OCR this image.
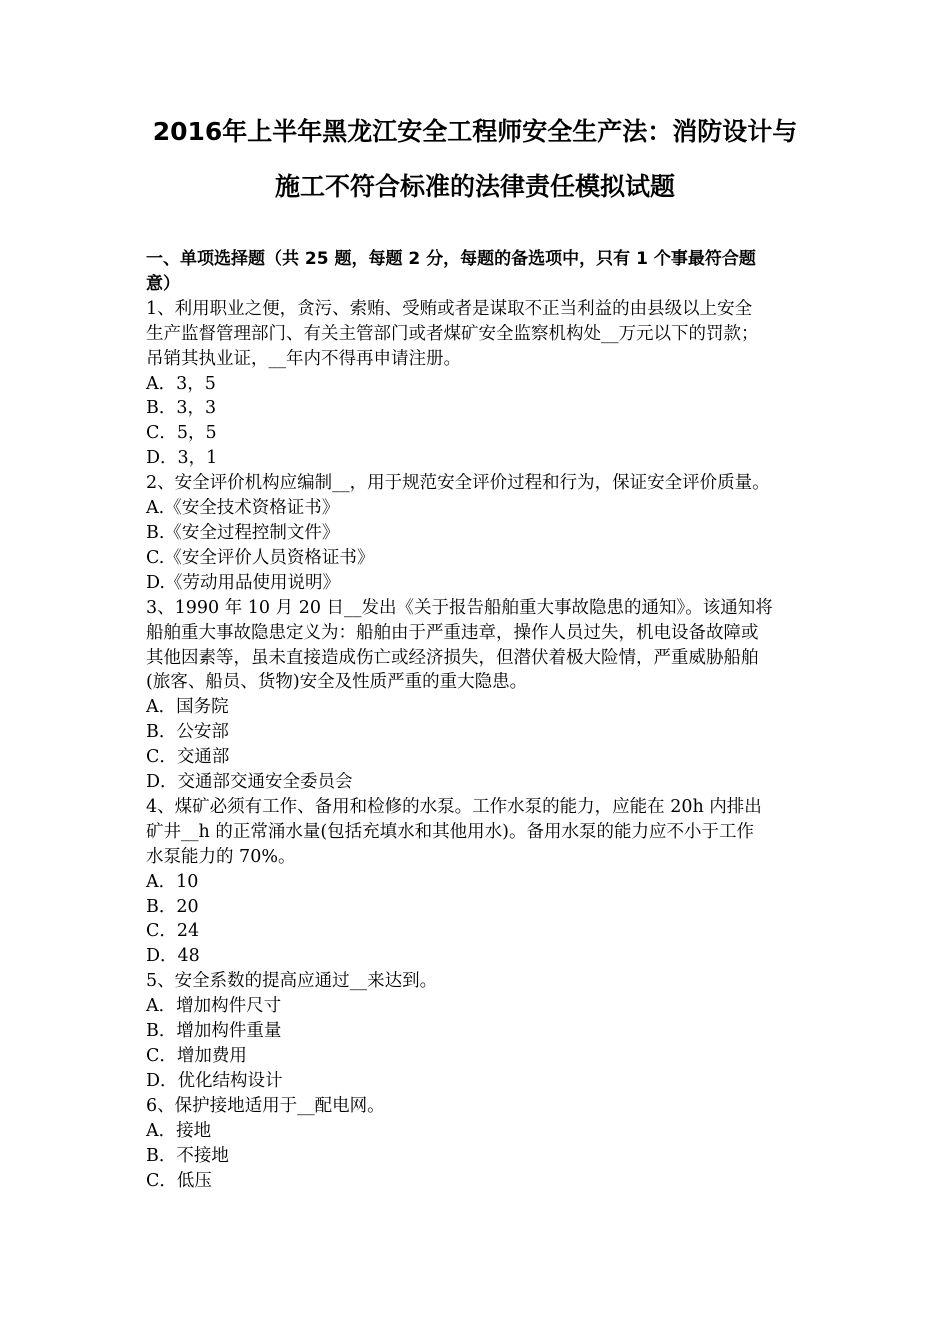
2016年上半年黑龙江安全工程师安全生产法：消防设计与
施工不符合标准的法律责任模拟试题
一、单项选择题（共 25 题，每题 2 分，每题的备选项中，只有 1 个事最符合题
意）
1、利用职业之便，贪污、索贿、受贿或者是谋取不正当利益的由县级以上安全
生产监督管理部门、有关主管部门或者煤矿安全监察机构处__万元以下的罚款；
吊销其执业证，__年内不得再申请注册。
A．3，5
B．3，3
C．5，5
D．3，1
2、安全评价机构应编制__，用于规范安全评价过程和行为，保证安全评价质量。
A.《安全技术资格证书》
B.《安全过程控制文件》
C.《安全评价人员资格证书》
D.《劳动用品使用说明》
3、1990 年 10 月 20 日__发出《关于报告船舶重大事故隐患的通知》。该通知将
船舶重大事故隐患定义为：船舶由于严重违章，操作人员过失，机电设备故障或
其他因素等，虽未直接造成伤亡或经济损失，但潜伏着极大险情，严重威胁船舶
(旅客、船员、货物)安全及性质严重的重大隐患。
A．国务院
B．公安部
C．交通部
D．交通部交通安全委员会
4、煤矿必须有工作、备用和检修的水泵。工作水泵的能力，应能在 20h 内排出
矿井__h 的正常涌水量(包括充填水和其他用水)。备用水泵的能力应不小于工作
水泵能力的 70%。
A．10
B．20
C．24
D．48
5、安全系数的提高应通过__来达到。
A．增加构件尺寸
B．增加构件重量
C．增加费用
D．优化结构设计
6、保护接地适用于__配电网。
A．接地
B．不接地
C．低压
